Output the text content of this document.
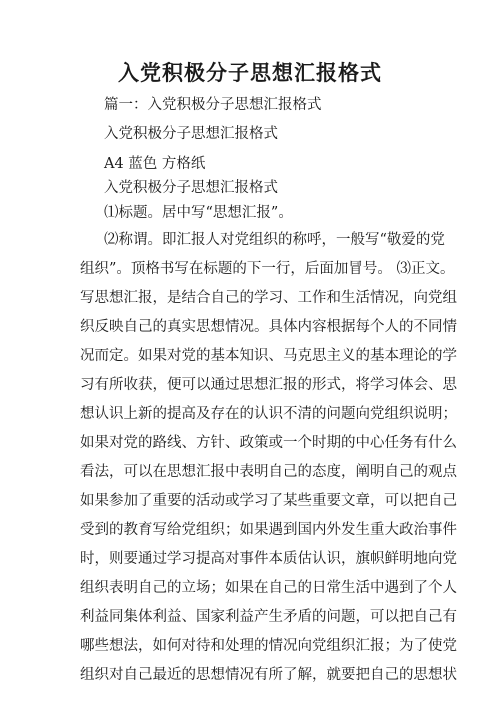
入党积极分子思想汇报格式
篇一：入党积极分子思想汇报格式
入党积极分子思想汇报格式
A4 蓝色 方格纸
入党积极分子思想汇报格式
⑴标题。居中写“思想汇报”。
⑵称谓。即汇报人对党组织的称呼，一般写“敬爱的党
组织”。顶格书写在标题的下一行，后面加冒号。 ⑶正文。
写思想汇报，是结合自己的学习、工作和生活情况，向党组
织反映自己的真实思想情况。具体内容根据每个人的不同情
况而定。如果对党的基本知识、马克思主义的基本理论的学
习有所收获，便可以通过思想汇报的形式，将学习体会、思
想认识上新的提高及存在的认识不清的问题向党组织说明；
如果对党的路线、方针、政策或一个时期的中心任务有什么
看法，可以在思想汇报中表明自己的态度，阐明自己的观点
如果参加了重要的活动或学习了某些重要文章，可以把自己
受到的教育写给党组织；如果遇到国内外发生重大政治事件
时，则要通过学习提高对事件本质估认识，旗帜鲜明地向党
组织表明自己的立场；如果在自己的日常生活中遇到了个人
利益同集体利益、国家利益产生矛盾的问题，可以把自己有
哪些想法，如何对待和处理的情况向党组织汇报；为了使党
组织对自己最近的思想情况有所了解，就要把自己的思想状
